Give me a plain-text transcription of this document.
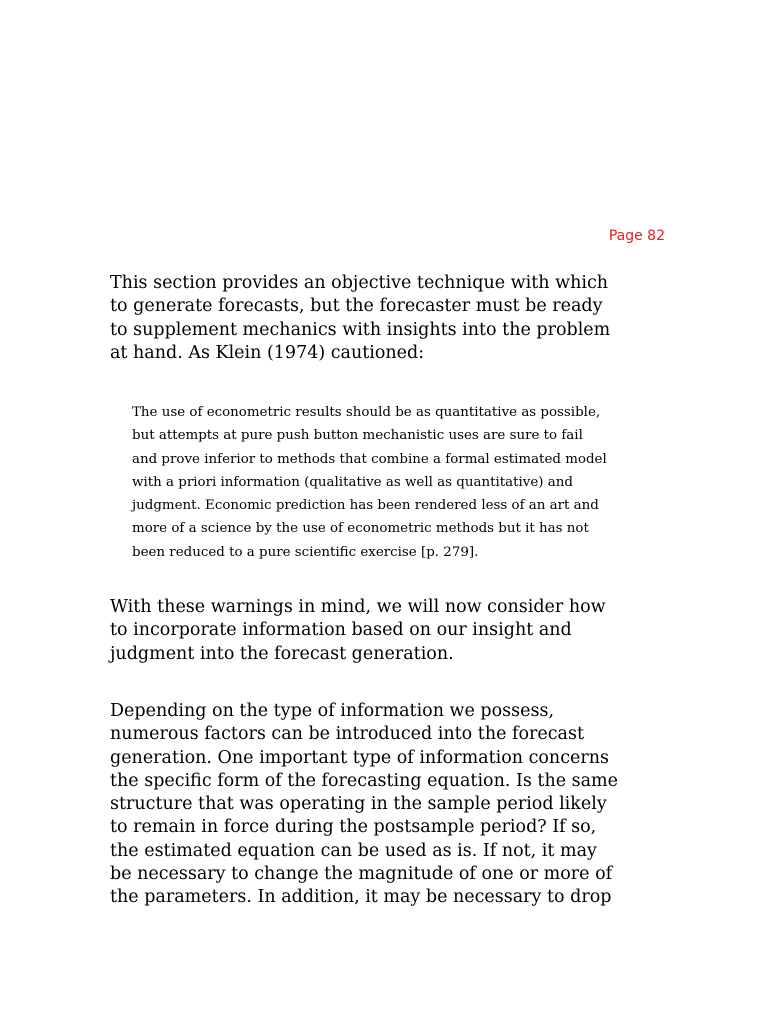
Page 82

This section provides an objective technique with which
to generate forecasts, but the forecaster must be ready
to supplement mechanics with insights into the problem
at hand. As Klein (1974) cautioned:

The use of econometric results should be as quantitative as possible,
but attempts at pure push button mechanistic uses are sure to fail
and prove inferior to methods that combine a formal estimated model
with a priori information (qualitative as well as quantitative) and
judgment. Economic prediction has been rendered less of an art and
more of a science by the use of econometric methods but it has not
been reduced to a pure scientific exercise [p. 279].

With these warnings in mind, we will now consider how
to incorporate information based on our insight and
judgment into the forecast generation.

Depending on the type of information we possess,
numerous factors can be introduced into the forecast
generation. One important type of information concerns
the specific form of the forecasting equation. Is the same
structure that was operating in the sample period likely
to remain in force during the postsample period? If so,
the estimated equation can be used as is. If not, it may
be necessary to change the magnitude of one or more of
the parameters. In addition, it may be necessary to drop
